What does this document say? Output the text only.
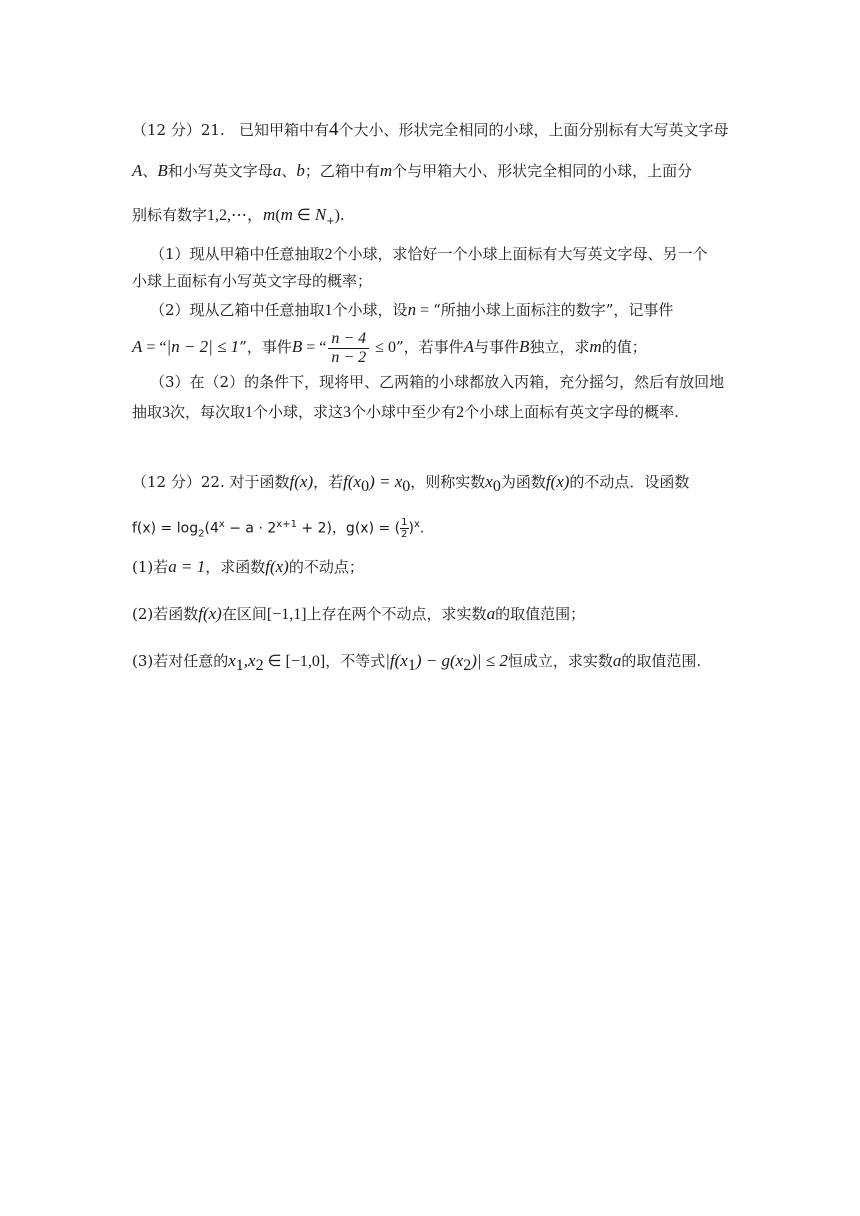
（12 分）21. 已知甲箱中有4个大小、形状完全相同的小球，上面分别标有大写英文字母
A、B和小写英文字母a、b；乙箱中有m个与甲箱大小、形状完全相同的小球，上面分
别标有数字1,2,⋯，m(m ∈ $N_+$).
（1）现从甲箱中任意抽取2个小球，求恰好一个小球上面标有大写英文字母、另一个
小球上面标有小写英文字母的概率；
（2）现从乙箱中任意抽取1个小球，设n = “所抽小球上面标注的数字”，记事件
A = “|n − 2| ≤ 1”，事件B = “ $\frac{n - 4}{n - 2} \le 0$”，若事件A与事件B独立，求m的值；
（3）在（2）的条件下，现将甲、乙两箱的小球都放入丙箱，充分摇匀，然后有放回地
抽取3次，每次取1个小球，求这3个小球中至少有2个小球上面标有英文字母的概率.
（12 分）22. 对于函数f(x)，若$f(x_0) = x_0$，则称实数$x_0$为函数f(x)的不动点．设函数
$f(x) = \log_2(4^x - a \cdot 2^{x+1} + 2)$，g(x) = ( $\frac{1}{2} )^x$.
(1)若a = 1，求函数f(x)的不动点；
(2)若函数f(x)在区间[−1,1]上存在两个不动点，求实数a的取值范围；
(3)若对任意的$x_1,x_2$ ∈ [−1,0]，不等式$|f(x_1) - g(x_2)| \le 2$恒成立，求实数a的取值范围.
